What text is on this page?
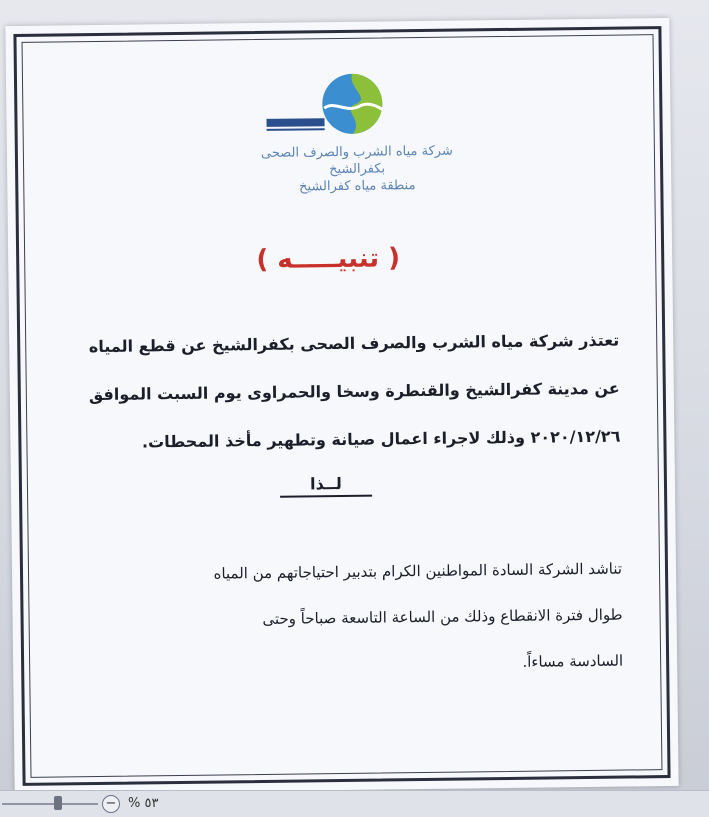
شركة مياه الشرب والصرف الصحى
بكفرالشيخ
منطقة مياه كفرالشيخ
( تنبيـــــه )
تعتذر شركة مياه الشرب والصرف الصحى بكفرالشيخ عن قطع المياه
عن مدينة كفرالشيخ والقنطرة وسخا والحمراوى يوم السبت الموافق
٢٠٢٠/١٢/٢٦ وذلك لاجراء اعمال صيانة وتطهير مأخذ المحطات.
لــذا
تناشد الشركة السادة المواطنين الكرام بتدبير احتياجاتهم من المياه
طوال فترة الانقطاع وذلك من الساعة التاسعة صباحاً وحتى
السادسة مساءاً.
− % ٥٣
